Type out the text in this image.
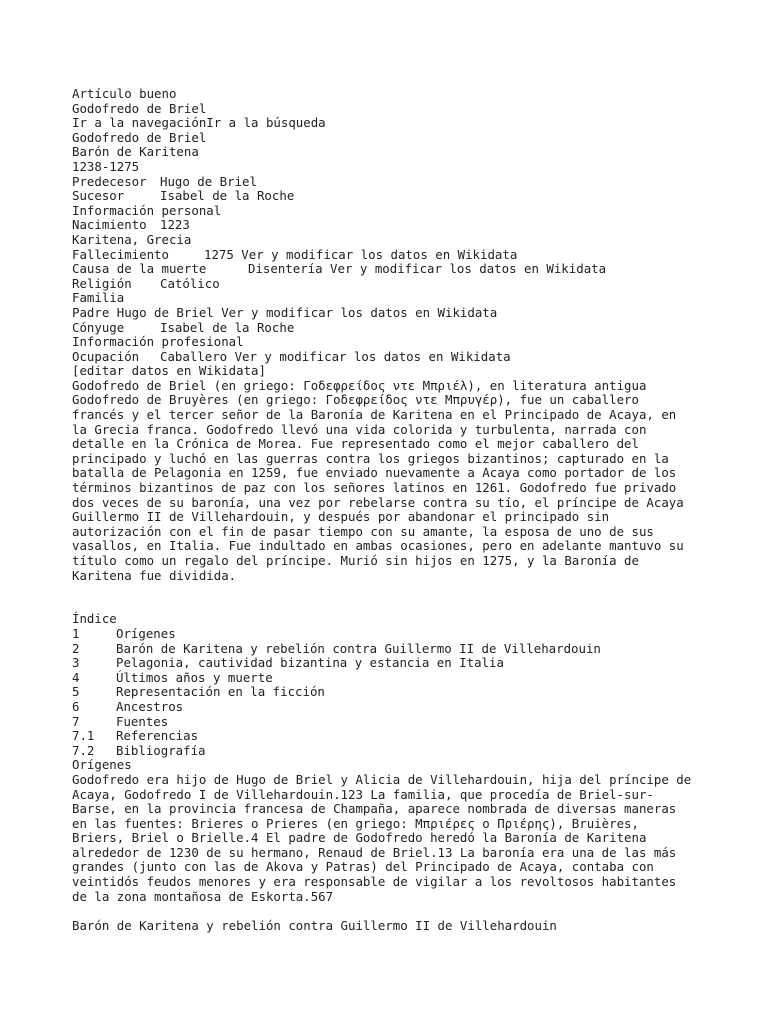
Artículo bueno
Godofredo de Briel
Ir a la navegaciónIr a la búsqueda
Godofredo de Briel
Barón de Karitena
1238-1275
Predecesor Hugo de Briel
Sucesor	Isabel de la Roche
Información personal
Nacimiento 1223
Karitena, Grecia
Fallecimiento	1275 Ver y modificar los datos en Wikidata
Causa de la muerte	Disentería Ver y modificar los datos en Wikidata
Religión Católico
Familia
Padre Hugo de Briel Ver y modificar los datos en Wikidata
Cónyuge	Isabel de la Roche
Información profesional
Ocupación Caballero Ver y modificar los datos en Wikidata
[editar datos en Wikidata]
Godofredo de Briel (en griego: Γοδεφρείδος ντε Μπριέλ), en literatura antigua
Godofredo de Bruyères (en griego: Γοδεφρείδος ντε Μπρυγέρ), fue un caballero
francés y el tercer señor de la Baronía de Karitena en el Principado de Acaya, en
la Grecia franca. Godofredo llevó una vida colorida y turbulenta, narrada con
detalle en la Crónica de Morea. Fue representado como el mejor caballero del
principado y luchó en las guerras contra los griegos bizantinos; capturado en la
batalla de Pelagonia en 1259, fue enviado nuevamente a Acaya como portador de los
términos bizantinos de paz con los señores latinos en 1261. Godofredo fue privado
dos veces de su baronía, una vez por rebelarse contra su tío, el príncipe de Acaya
Guillermo II de Villehardouin, y después por abandonar el principado sin
autorización con el fin de pasar tiempo con su amante, la esposa de uno de sus
vasallos, en Italia. Fue indultado en ambas ocasiones, pero en adelante mantuvo su
título como un regalo del príncipe. Murió sin hijos en 1275, y la Baronía de
Karitena fue dividida.
Índice
1	Orígenes
2	Barón de Karitena y rebelión contra Guillermo II de Villehardouin
3	Pelagonia, cautividad bizantina y estancia en Italia
4	Últimos años y muerte
5	Representación en la ficción
6	Ancestros
7	Fuentes
7.1 Referencias
7.2 Bibliografía
Orígenes
Godofredo era hijo de Hugo de Briel y Alicia de Villehardouin, hija del príncipe de
Acaya, Godofredo I de Villehardouin.123 La familia, que procedía de Briel-sur-
Barse, en la provincia francesa de Champaña, aparece nombrada de diversas maneras
en las fuentes: Brieres o Prieres (en griego: Μπριέρες ο Πριέρης), Bruières,
Briers, Briel o Brielle.4 El padre de Godofredo heredó la Baronía de Karitena
alrededor de 1230 de su hermano, Renaud de Briel.13 La baronía era una de las más
grandes (junto con las de Akova y Patras) del Principado de Acaya, contaba con
veintidós feudos menores y era responsable de vigilar a los revoltosos habitantes
de la zona montañosa de Eskorta.567
Barón de Karitena y rebelión contra Guillermo II de Villehardouin
